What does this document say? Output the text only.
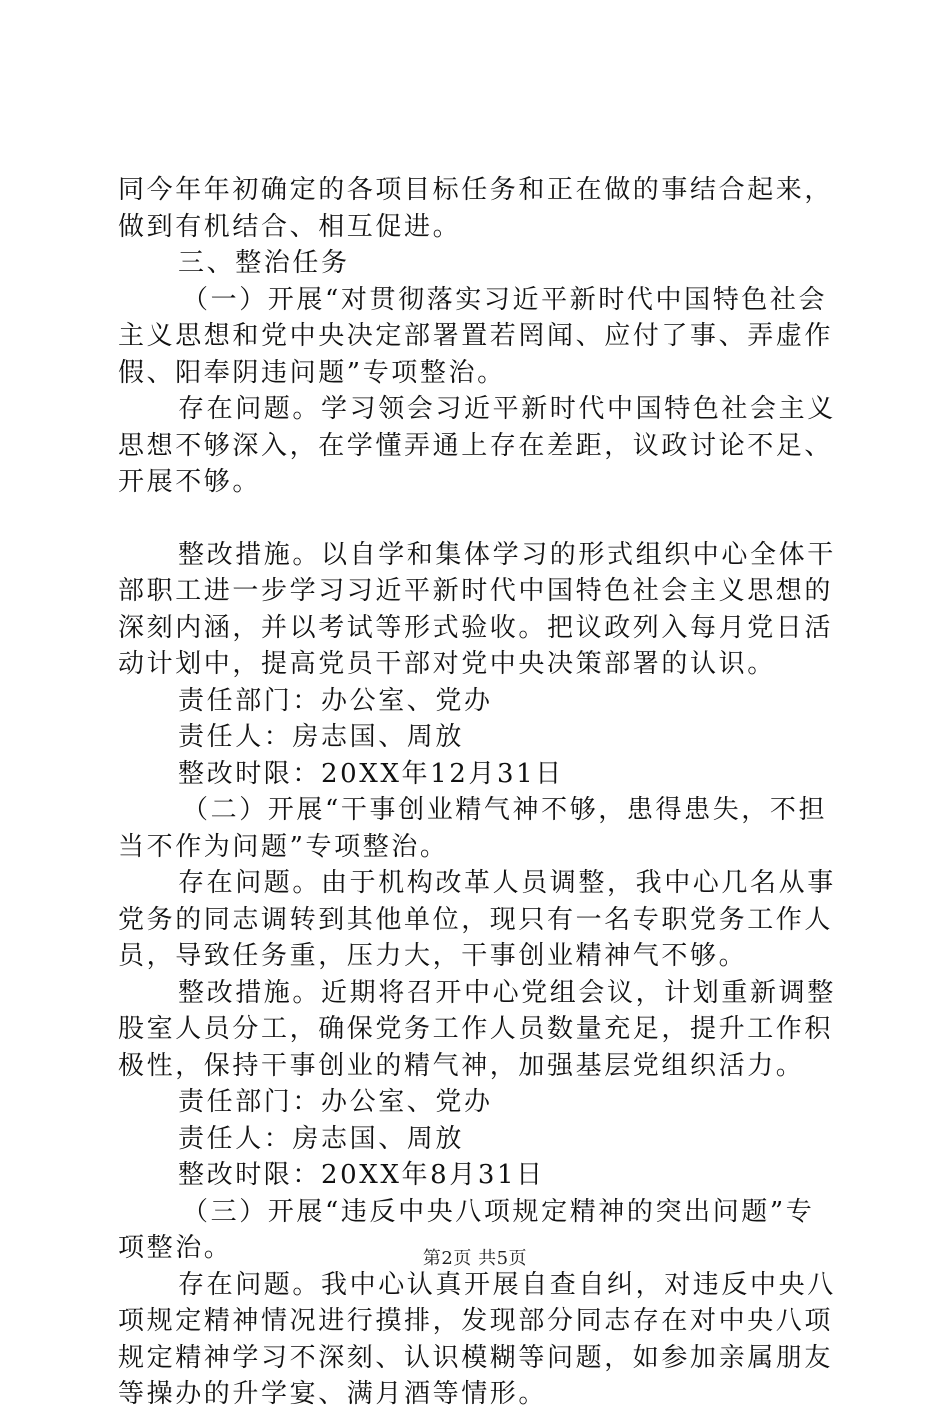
同今年年初确定的各项目标任务和正在做的事结合起来，做到有机结合、相互促进。

三、整治任务

（一）开展“对贯彻落实习近平新时代中国特色社会主义思想和党中央决定部署置若罔闻、应付了事、弄虚作假、阳奉阴违问题”专项整治。

存在问题。学习领会习近平新时代中国特色社会主义思想不够深入，在学懂弄通上存在差距，议政讨论不足、开展不够。

整改措施。以自学和集体学习的形式组织中心全体干部职工进一步学习习近平新时代中国特色社会主义思想的深刻内涵，并以考试等形式验收。把议政列入每月党日活动计划中，提高党员干部对党中央决策部署的认识。

责任部门：办公室、党办

责任人：房志国、周放

整改时限：20XX年12月31日

（二）开展“干事创业精气神不够，患得患失，不担当不作为问题”专项整治。

存在问题。由于机构改革人员调整，我中心几名从事党务的同志调转到其他单位，现只有一名专职党务工作人员，导致任务重，压力大，干事创业精神气不够。

整改措施。近期将召开中心党组会议，计划重新调整股室人员分工，确保党务工作人员数量充足，提升工作积极性，保持干事创业的精气神，加强基层党组织活力。

责任部门：办公室、党办

责任人：房志国、周放

整改时限：20XX年8月31日

（三）开展“违反中央八项规定精神的突出问题”专项整治。

存在问题。我中心认真开展自查自纠，对违反中央八项规定精神情况进行摸排，发现部分同志存在对中央八项规定精神学习不深刻、认识模糊等问题，如参加亲属朋友等操办的升学宴、满月酒等情形。

第2页 共5页
